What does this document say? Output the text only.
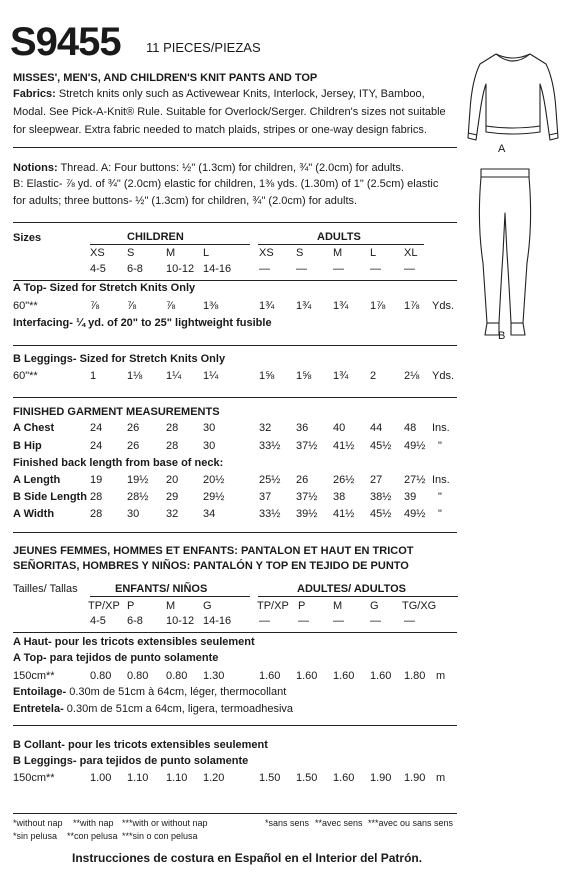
S9455 11 PIECES/PIEZAS
MISSES', MEN'S, AND CHILDREN'S KNIT PANTS AND TOP
Fabrics: Stretch knits only such as Activewear Knits, Interlock, Jersey, ITY, Bamboo,
Modal. See Pick-A-Knit® Rule. Suitable for Overlock/Serger. Children's sizes not suitable
for sleepwear. Extra fabric needed to match plaids, stripes or one-way design fabrics.
Notions: Thread. A: Four buttons: ½" (1.3cm) for children, ¾" (2.0cm) for adults.
B: Elastic- ⅞ yd. of ¾" (2.0cm) elastic for children, 1⅜ yds. (1.30m) of 1" (2.5cm) elastic
for adults; three buttons- ½" (1.3cm) for children, ¾" (2.0cm) for adults.
A
B
Sizes	CHILDREN	ADULTS
XS S	M	L	XS S	M	L	XL
4-5 6-8 10-12 14-16	— — — — —
A Top- Sized for Stretch Knits Only
60"**	⅞	⅞	⅞	1⅜	1¾ 1¾ 1¾ 1⅞ 1⅞ Yds.
Interfacing- ¼ yd. of 20" to 25" lightweight fusible
B Leggings- Sized for Stretch Knits Only
60"**	1	1⅛ 1¼ 1¼	1⅝ 1⅝ 1¾ 2	2⅛ Yds.
FINISHED GARMENT MEASUREMENTS
A Chest	24 26 28 30	32 36 40 44 48 Ins.
B Hip	24 26 28 30	33½ 37½ 41½ 45½ 49½ "
Finished back length from base of neck:
A Length	19 19½ 20 20½	25½ 26 26½ 27 27½ Ins.
B Side Length 28 28½ 29 29½	37 37½ 38 38½ 39 "
A Width	28 30 32 34	33½ 39½ 41½ 45½ 49½ "
JEUNES FEMMES, HOMMES ET ENFANTS: PANTALON ET HAUT EN TRICOT
SEÑORITAS, HOMBRES Y NIÑOS: PANTALÓN Y TOP EN TEJIDO DE PUNTO
Tailles/ Tallas	ENFANTS/ NIÑOS	ADULTES/ ADULTOS
TP/XP P	M	G	TP/XP P	M	G TG/XG
4-5 6-8 10-12 14-16	—	— — — —
A Haut- pour les tricots extensibles seulement
A Top- para tejidos de punto solamente
150cm**	0.80 0.80 0.80 1.30	1.60 1.60 1.60 1.60 1.80 m
Entoilage- 0.30m de 51cm à 64cm, léger, thermocollant
Entretela- 0.30m de 51cm a 64cm, ligera, termoadhesiva
B Collant- pour les tricots extensibles seulement
B Leggings- para tejidos de punto solamente
150cm**	1.00 1.10 1.10 1.20	1.50 1.50 1.60 1.90 1.90 m
*without nap **with nap ***with or without nap
*sin pelusa **con pelusa ***sin o con pelusa
*sans sens **avec sens ***avec ou sans sens
Instrucciones de costura en Español en el Interior del Patrón.
